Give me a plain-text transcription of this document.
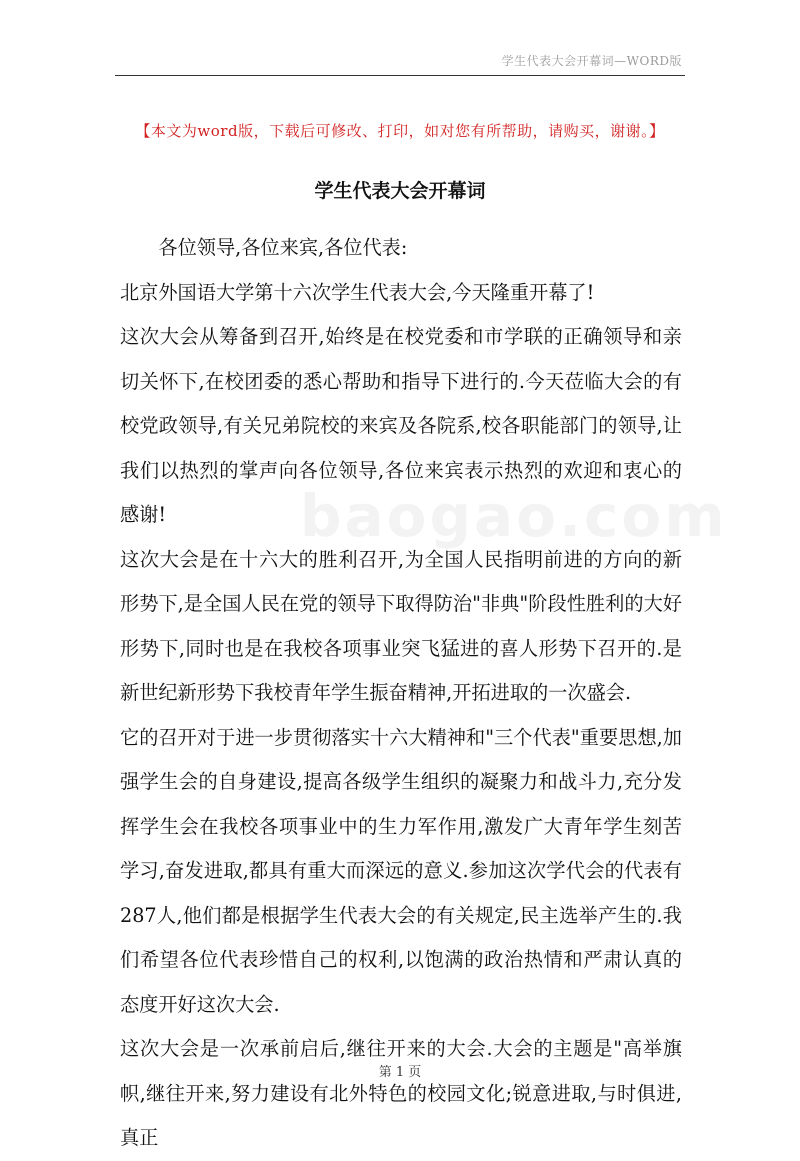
学生代表大会开幕词—WORD版
baogao.com
【本文为word版，下载后可修改、打印，如对您有所帮助，请购买，谢谢。】
学生代表大会开幕词

各位领导,各位来宾,各位代表:

北京外国语大学第十六次学生代表大会,今天隆重开幕了!

这次大会从筹备到召开,始终是在校党委和市学联的正确领导和亲切关怀下,在校团委的悉心帮助和指导下进行的.今天莅临大会的有校党政领导,有关兄弟院校的来宾及各院系,校各职能部门的领导,让我们以热烈的掌声向各位领导,各位来宾表示热烈的欢迎和衷心的感谢!

这次大会是在十六大的胜利召开,为全国人民指明前进的方向的新形势下,是全国人民在党的领导下取得防治"非典"阶段性胜利的大好形势下,同时也是在我校各项事业突飞猛进的喜人形势下召开的.是新世纪新形势下我校青年学生振奋精神,开拓进取的一次盛会.

它的召开对于进一步贯彻落实十六大精神和"三个代表"重要思想,加强学生会的自身建设,提高各级学生组织的凝聚力和战斗力,充分发挥学生会在我校各项事业中的生力军作用,激发广大青年学生刻苦学习,奋发进取,都具有重大而深远的意义.参加这次学代会的代表有287人,他们都是根据学生代表大会的有关规定,民主选举产生的.我们希望各位代表珍惜自己的权利,以饱满的政治热情和严肃认真的态度开好这次大会.

这次大会是一次承前启后,继往开来的大会.大会的主题是"高举旗帜,继往开来,努力建设有北外特色的校园文化;锐意进取,与时俱进,真正

第 1 页
